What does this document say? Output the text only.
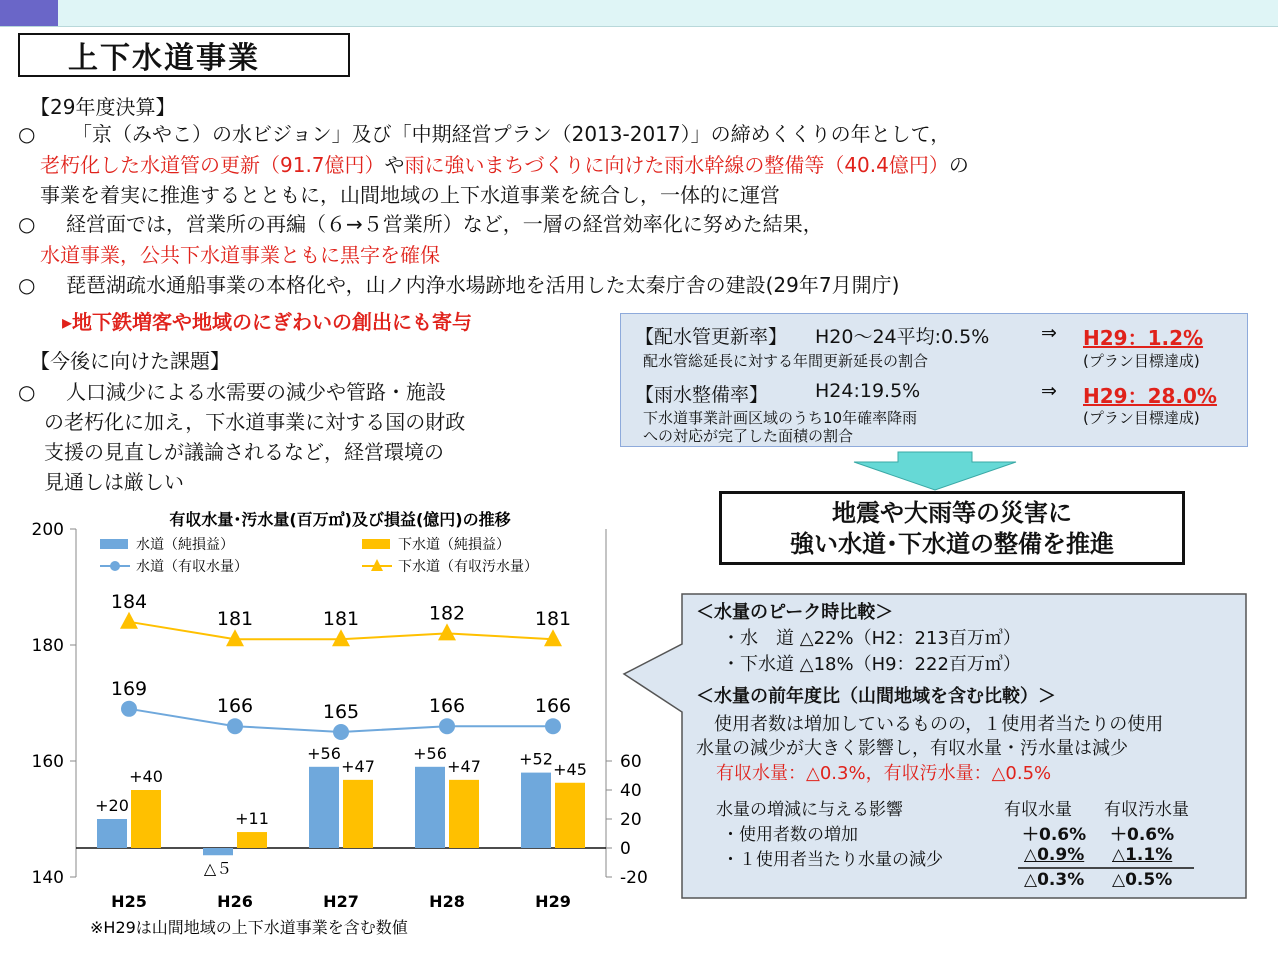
上下水道事業
【29年度決算】
○ 「京（みやこ）の水ビジョン」及び「中期経営プラン（2013-2017）」の締めくくりの年として，
老朽化した水道管の更新（91.7億円）や雨に強いまちづくりに向けた雨水幹線の整備等（40.4億円）の
事業を着実に推進するとともに，山間地域の上下水道事業を統合し，一体的に運営
○ 経営面では，営業所の再編（６→５営業所）など，一層の経営効率化に努めた結果，
水道事業，公共下水道事業ともに黒字を確保
○ 琵琶湖疏水通船事業の本格化や，山ノ内浄水場跡地を活用した太秦庁舎の建設(29年7月開庁)
▸地下鉄増客や地域のにぎわいの創出にも寄与
【今後に向けた課題】
○ 人口減少による水需要の減少や管路・施設
の老朽化に加え，下水道事業に対する国の財政
支援の見直しが議論されるなど，経営環境の
見通しは厳しい
【配水管更新率】 H20～24平均:0.5%	⇒ H29：1.2%
配水管総延長に対する年間更新延長の割合	(プラン目標達成)
【雨水整備率】 H24:19.5%	⇒ H29：28.0%
下水道事業計画区域のうち10年確率降雨
への対応が完了した面積の割合
(プラン目標達成)
地震や大雨等の災害に
強い水道･下水道の整備を推進
＜水量のピーク時比較＞
・水　道 △22%（H2：213百万㎥）
・下水道 △18%（H9：222百万㎥）
＜水量の前年度比（山間地域を含む比較）＞
使用者数は増加しているものの，１使用者当たりの使用
水量の減少が大きく影響し，有収水量・汚水量は減少
有収水量：△0.3%，有収汚水量：△0.5%
水量の増減に与える影響	有収水量 有収汚水量
・使用者数の増加	＋0.6% ＋0.6%
・１使用者当たり水量の減少	△0.9% △1.1%
△0.3% △0.5%
有収水量･汚水量(百万㎥)及び損益(億円)の推移
140
160
180
200
-20
0
20
40
60
H25	H26	H27	H28	H29
+20
△５
+56	+56	+52
+40
+11
+47	+47	+45
169
166	165	166	166
184
181	181	182	181
水道（純損益）	下水道（純損益）
水道（有収水量）	下水道（有収汚水量）
※H29は山間地域の上下水道事業を含む数値
